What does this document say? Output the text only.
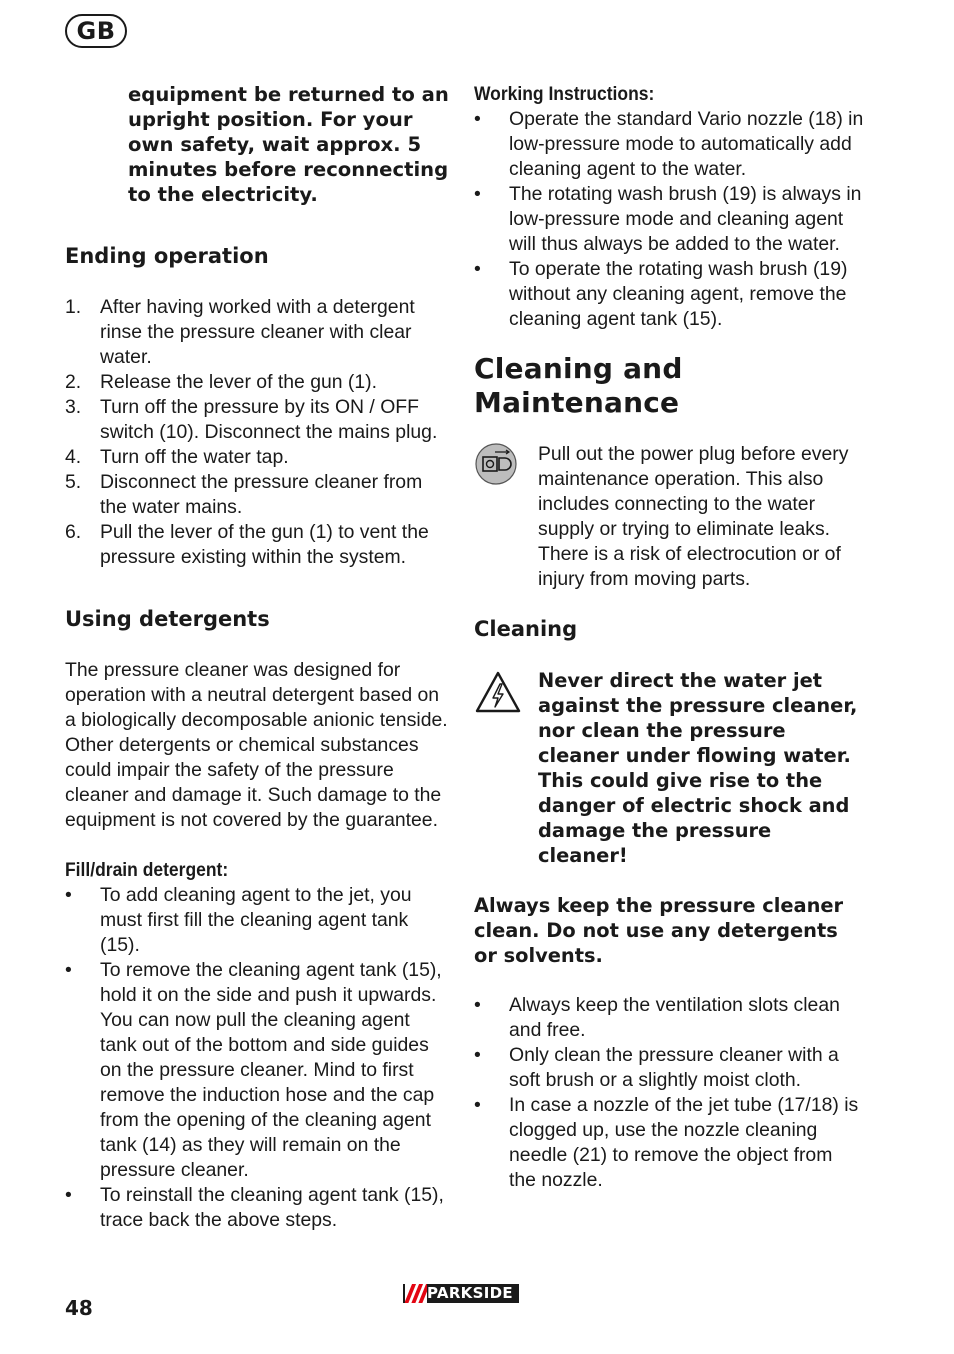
GB

equipment be returned to an upright position. For your own safety, wait approx. 5 minutes before reconnecting to the electricity.

Ending operation
1. After having worked with a detergent rinse the pressure cleaner with clear water.
2. Release the lever of the gun (1).
3. Turn off the pressure by its ON / OFF switch (10). Disconnect the mains plug.
4. Turn off the water tap.
5. Disconnect the pressure cleaner from the water mains.
6. Pull the lever of the gun (1) to vent the pressure existing within the system.
Using detergents

The pressure cleaner was designed for operation with a neutral detergent based on a biologically decomposable anionic tenside. Other detergents or chemical substances could impair the safety of the pressure cleaner and damage it. Such damage to the equipment is not covered by the guarantee.

Fill/drain detergent:

• To add cleaning agent to the jet, you must first fill the cleaning agent tank (15).
• To remove the cleaning agent tank (15), hold it on the side and push it upwards. You can now pull the cleaning agent tank out of the bottom and side guides on the pressure cleaner. Mind to first remove the induction hose and the cap from the opening of the cleaning agent tank (14) as they will remain on the pressure cleaner.
• To reinstall the cleaning agent tank (15), trace back the above steps.

Working Instructions:

• Operate the standard Vario nozzle (18) in low-pressure mode to automatically add cleaning agent to the water.
• The rotating wash brush (19) is always in low-pressure mode and cleaning agent will thus always be added to the water.
• To operate the rotating wash brush (19) without any cleaning agent, remove the cleaning agent tank (15).
Cleaning and
Maintenance

Pull out the power plug before every maintenance operation. This also includes connecting to the water supply or trying to eliminate leaks. There is a risk of electrocution or of injury from moving parts.

Cleaning

Never direct the water jet against the pressure cleaner, nor clean the pressure cleaner under flowing water. This could give rise to the danger of electric shock and damage the pressure cleaner!

Always keep the pressure cleaner clean. Do not use any detergents or solvents.

• Always keep the ventilation slots clean and free.
• Only clean the pressure cleaner with a soft brush or a slightly moist cloth.
• In case a nozzle of the jet tube (17/18) is clogged up, use the nozzle cleaning needle (21) to remove the object from the nozzle.
48
PARKSIDE
